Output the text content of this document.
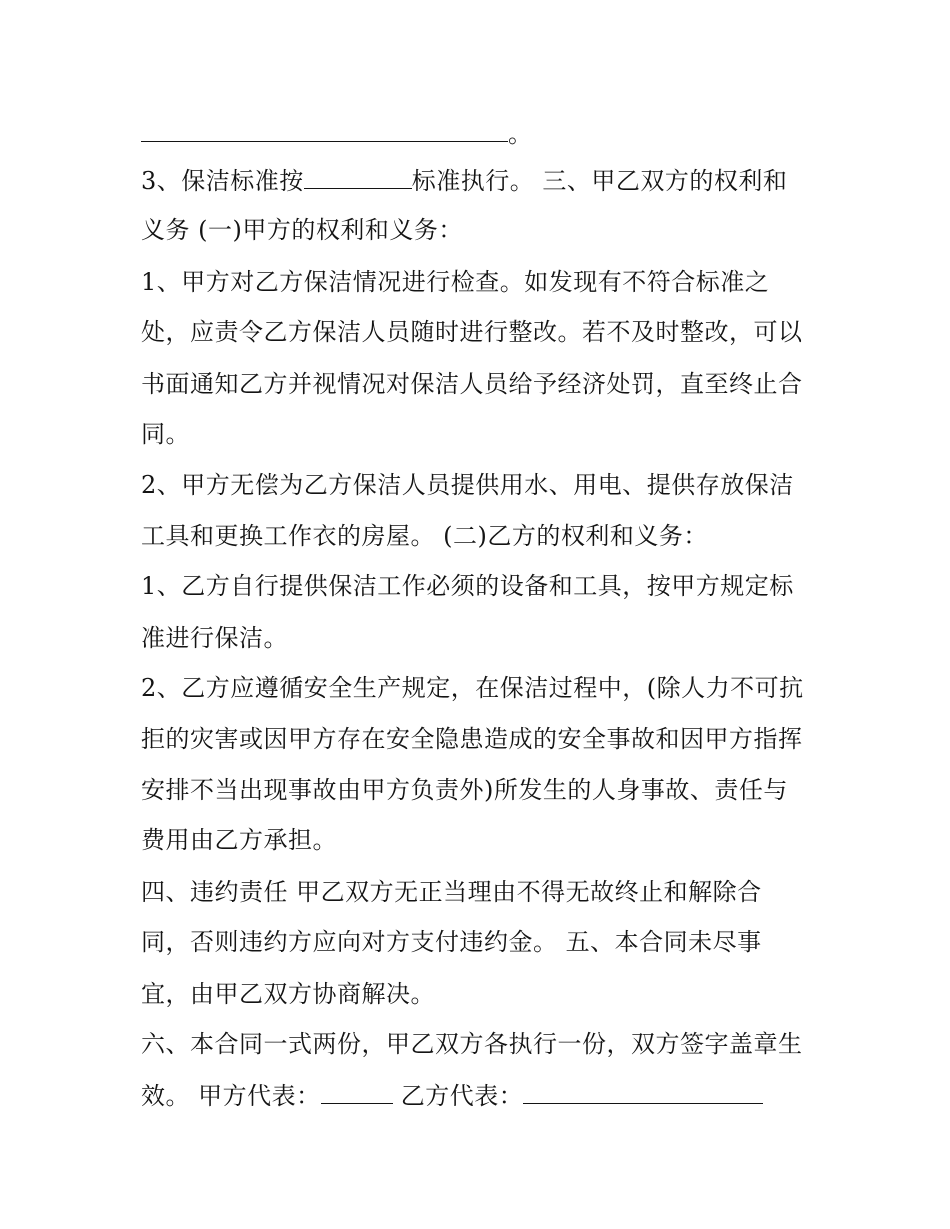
。
3、保洁标准按	标准执行。 三、甲乙双方的权利和
义务 (一)甲方的权利和义务：
1、甲方对乙方保洁情况进行检查。如发现有不符合标准之
处，应责令乙方保洁人员随时进行整改。若不及时整改，可以
书面通知乙方并视情况对保洁人员给予经济处罚，直至终止合
同。
2、甲方无偿为乙方保洁人员提供用水、用电、提供存放保洁
工具和更换工作衣的房屋。 (二)乙方的权利和义务：
1、乙方自行提供保洁工作必须的设备和工具，按甲方规定标
准进行保洁。
2、乙方应遵循安全生产规定，在保洁过程中，(除人力不可抗
拒的灾害或因甲方存在安全隐患造成的安全事故和因甲方指挥
安排不当出现事故由甲方负责外)所发生的人身事故、责任与
费用由乙方承担。
四、违约责任 甲乙双方无正当理由不得无故终止和解除合
同，否则违约方应向对方支付违约金。 五、本合同未尽事
宜，由甲乙双方协商解决。
六、本合同一式两份，甲乙双方各执行一份，双方签字盖章生
效。 甲方代表：	乙方代表：
